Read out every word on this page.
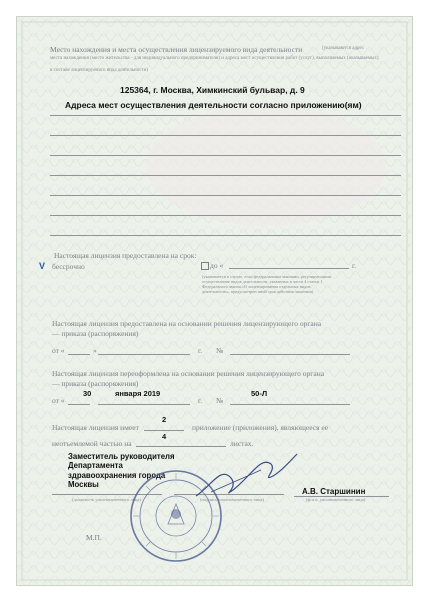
Место нахождения и места осуществления лицензируемого вида деятельности	(указываются адрес
места нахождения (место жительства - для индивидуального предпринимателя) и адреса мест осуществления работ (услуг), выполняемых (оказываемых)
в составе лицензируемого вида деятельности)
125364, г. Москва, Химкинский бульвар, д. 9
Адреса мест осуществления деятельности согласно приложению(ям)
Настоящая лицензия предоставлена на срок:
V бессрочно	до «	г.
(указывается в случае, если федеральными законами, регулирующими осуществление видов деятельности, указанных в части 4 статьи 1 Федерального закона «О лицензировании отдельных видов деятельности», предусмотрен иной срок действия лицензии)
Настоящая лицензия предоставлена на основании решения лицензирующего органа
— приказа (распоряжения)
от «	»	г. №
Настоящая лицензия переоформлена на основании решения лицензирующего органа
— приказа (распоряжения)
от «
30	января 2019
г. №
50-Л
Настоящая лицензия имеет
2
приложение (приложения), являющееся ее
неотъемлемой частью на
4
листах.
Заместитель руководителя
Департамента
здравоохранения города
Москвы
(должность уполномоченного лица)	(подпись уполномоченного лица)
А.В. Старшинин
(ф.и.о. уполномоченного лица)
М.П.
